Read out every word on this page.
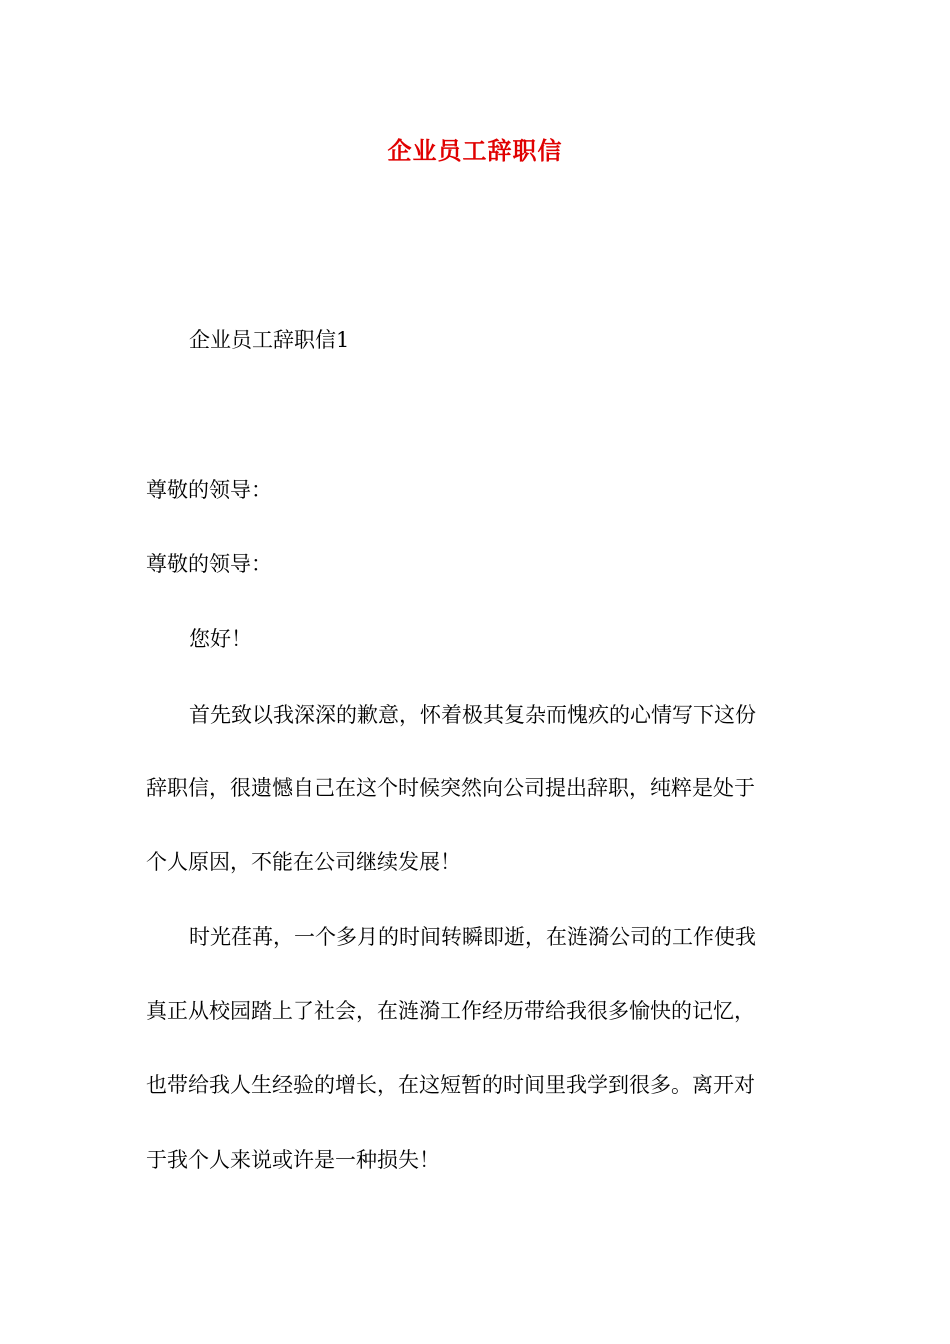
企业员工辞职信
企业员工辞职信1
尊敬的领导：
尊敬的领导：
您好！
首先致以我深深的歉意，怀着极其复杂而愧疚的心情写下这份
辞职信，很遗憾自己在这个时候突然向公司提出辞职，纯粹是处于
个人原因，不能在公司继续发展！
时光荏苒，一个多月的时间转瞬即逝，在涟漪公司的工作使我
真正从校园踏上了社会，在涟漪工作经历带给我很多愉快的记忆，
也带给我人生经验的增长，在这短暂的时间里我学到很多。离开对
于我个人来说或许是一种损失！
